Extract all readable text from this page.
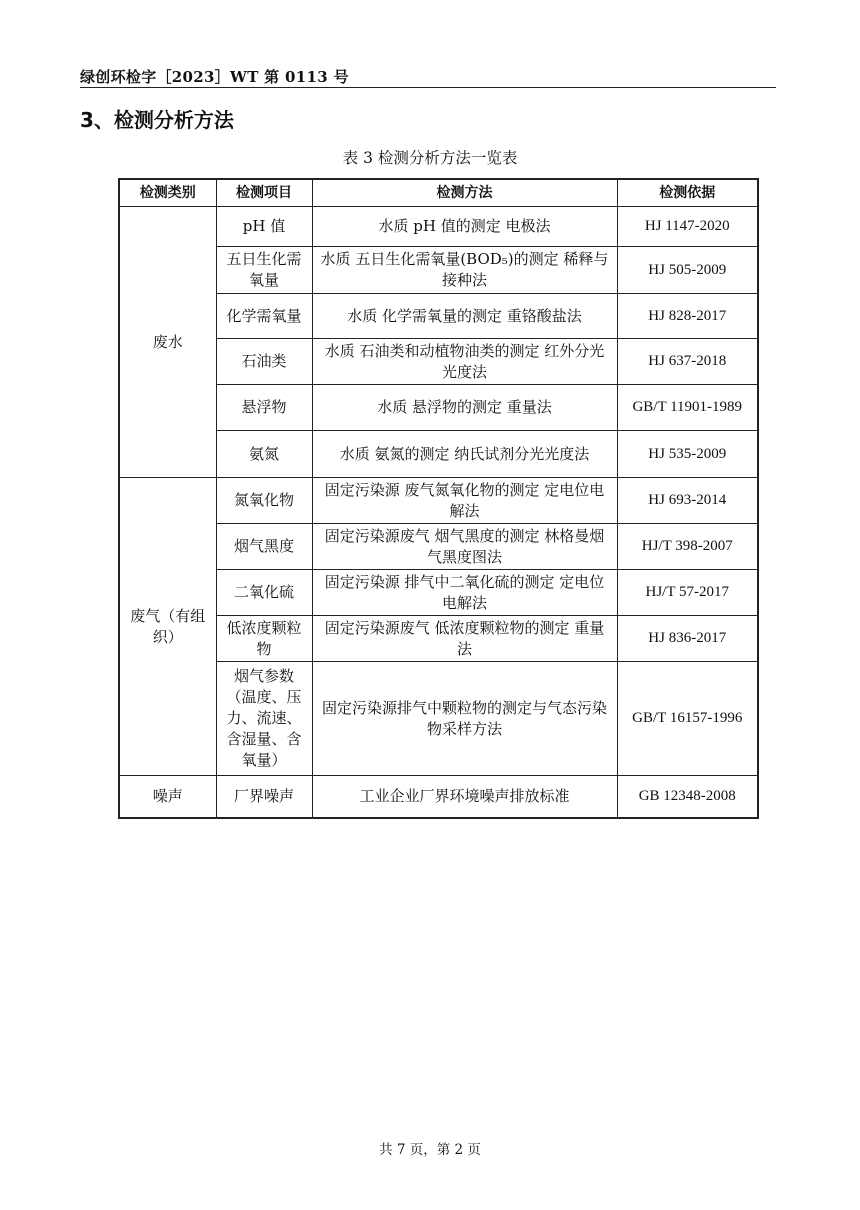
绿创环检字［2023］WT 第 0113 号
3、检测分析方法
表 3 检测分析方法一览表
检测类别	检测项目	检测方法	检测依据
废水	pH 值	水质 pH 值的测定 电极法	HJ 1147-2020
	五日生化需氧量	水质 五日生化需氧量(BOD₅)的测定 稀释与接种法	HJ 505-2009
	化学需氧量	水质 化学需氧量的测定 重铬酸盐法	HJ 828-2017
	石油类	水质 石油类和动植物油类的测定 红外分光光度法	HJ 637-2018
	悬浮物	水质 悬浮物的测定 重量法	GB/T 11901-1989
	氨氮	水质 氨氮的测定 纳氏试剂分光光度法	HJ 535-2009
废气（有组织）	氮氧化物	固定污染源 废气氮氧化物的测定 定电位电解法	HJ 693-2014
	烟气黑度	固定污染源废气 烟气黑度的测定 林格曼烟气黑度图法	HJ/T 398-2007
	二氧化硫	固定污染源 排气中二氧化硫的测定 定电位电解法	HJ/T 57-2017
	低浓度颗粒物	固定污染源废气 低浓度颗粒物的测定 重量法	HJ 836-2017
	烟气参数（温度、压力、流速、含湿量、含氧量）	固定污染源排气中颗粒物的测定与气态污染物采样方法	GB/T 16157-1996
噪声	厂界噪声	工业企业厂界环境噪声排放标准	GB 12348-2008
共 7 页，第 2 页
